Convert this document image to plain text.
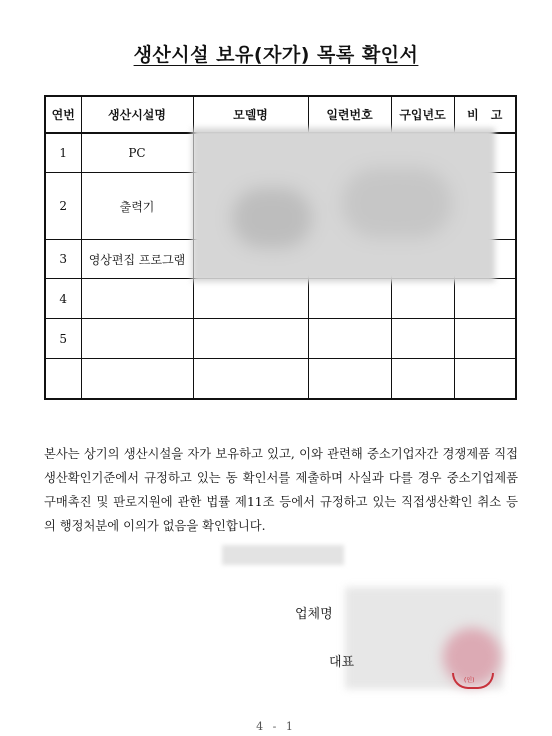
생산시설 보유(자가) 목록 확인서
연번	생산시설명	모델명	일련번호	구입년도	비　고
1	PC				
2	출력기				
3	영상편집 프로그램				
4					
5					

본사는 상기의 생산시설을 자가 보유하고 있고, 이와 관련해 중소기업자간 경쟁제품 직접생산확인기준에서 규정하고 있는 동 확인서를 제출하며 사실과 다를 경우 중소기업제품 구매촉진 및 판로지원에 관한 법률 제11조 등에서 규정하고 있는 직접생산확인 취소 등의 행정처분에 이의가 없음을 확인합니다.

업체명
대표
(인)
4 - 1
